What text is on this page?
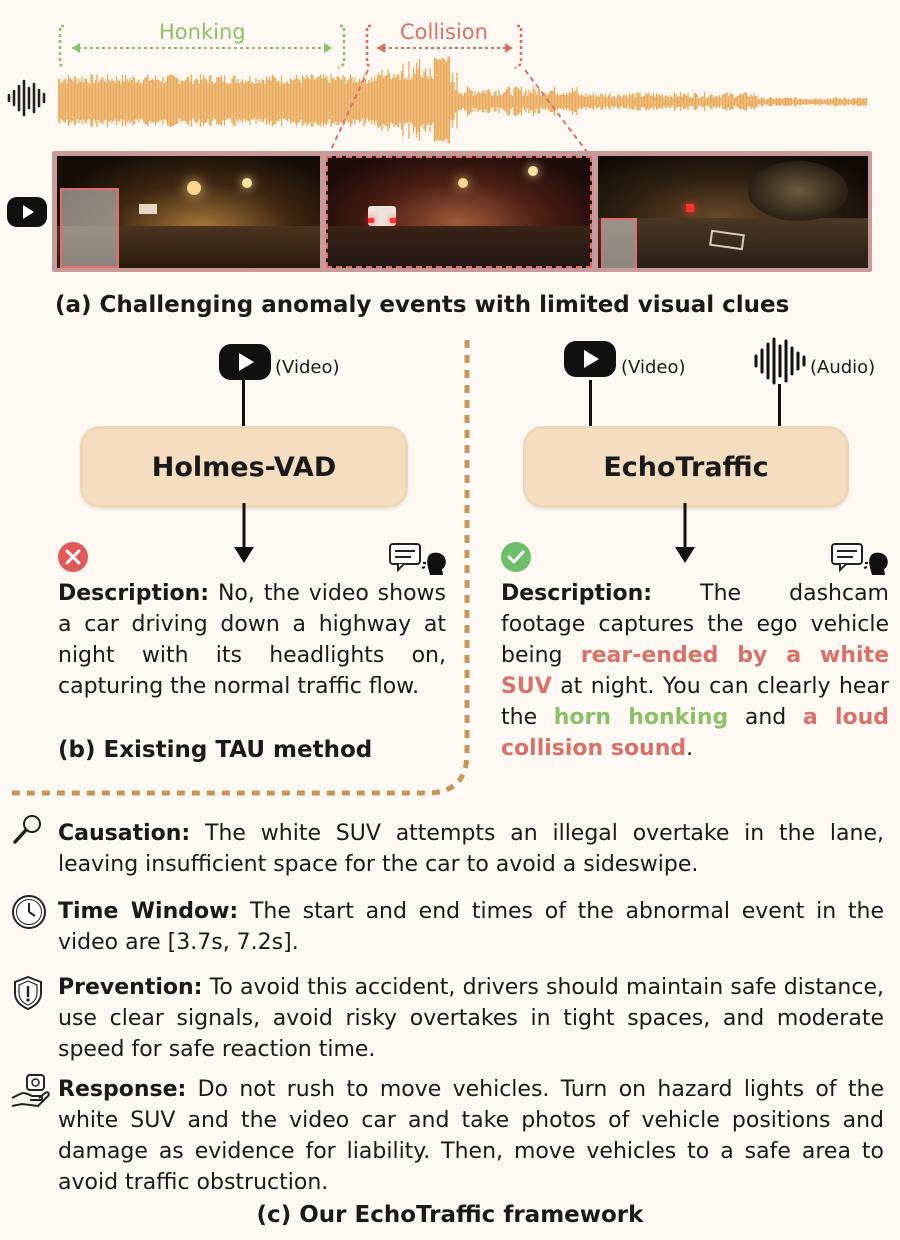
Honking	Collision
(a) Challenging anomaly events with limited visual clues
(Video)
Holmes-VAD
Description: No, the video shows a car driving down a highway at night with its headlights on, capturing the normal traffic flow.
(b) Existing TAU method
(Video)	(Audio)
EchoTraffic
Description: The dashcam footage captures the ego vehicle being rear-ended by a white SUV at night. You can clearly hear the horn honking and a loud collision sound.
Causation: The white SUV attempts an illegal overtake in the lane, leaving insufficient space for the car to avoid a sideswipe.
Time Window: The start and end times of the abnormal event in the video are [3.7s, 7.2s].
Prevention: To avoid this accident, drivers should maintain safe distance, use clear signals, avoid risky overtakes in tight spaces, and moderate speed for safe reaction time.
Response: Do not rush to move vehicles. Turn on hazard lights of the white SUV and the video car and take photos of vehicle positions and damage as evidence for liability. Then, move vehicles to a safe area to avoid traffic obstruction.
(c) Our EchoTraffic framework
